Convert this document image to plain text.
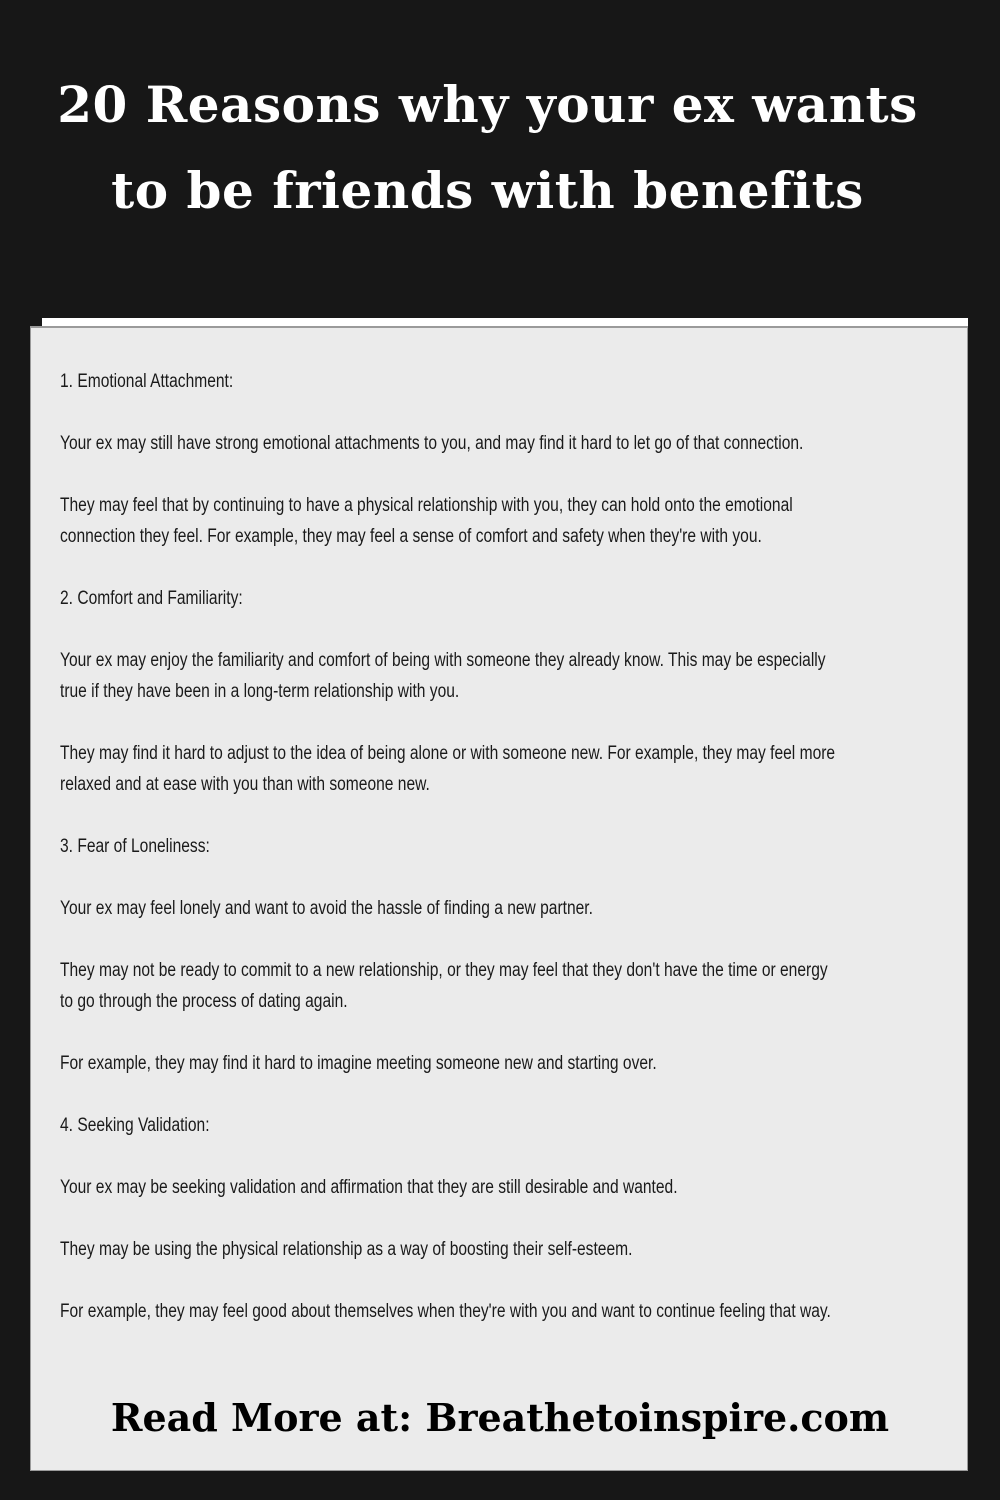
20 Reasons why your ex wants
to be friends with benefits
1. Emotional Attachment:
Your ex may still have strong emotional attachments to you, and may find it hard to let go of that connection.
They may feel that by continuing to have a physical relationship with you, they can hold onto the emotional
connection they feel. For example, they may feel a sense of comfort and safety when they're with you.
2. Comfort and Familiarity:
Your ex may enjoy the familiarity and comfort of being with someone they already know. This may be especially
true if they have been in a long-term relationship with you.
They may find it hard to adjust to the idea of being alone or with someone new. For example, they may feel more
relaxed and at ease with you than with someone new.
3. Fear of Loneliness:
Your ex may feel lonely and want to avoid the hassle of finding a new partner.
They may not be ready to commit to a new relationship, or they may feel that they don't have the time or energy
to go through the process of dating again.
For example, they may find it hard to imagine meeting someone new and starting over.
4. Seeking Validation:
Your ex may be seeking validation and affirmation that they are still desirable and wanted.
They may be using the physical relationship as a way of boosting their self-esteem.
For example, they may feel good about themselves when they're with you and want to continue feeling that way.
Read More at: Breathetoinspire.com
